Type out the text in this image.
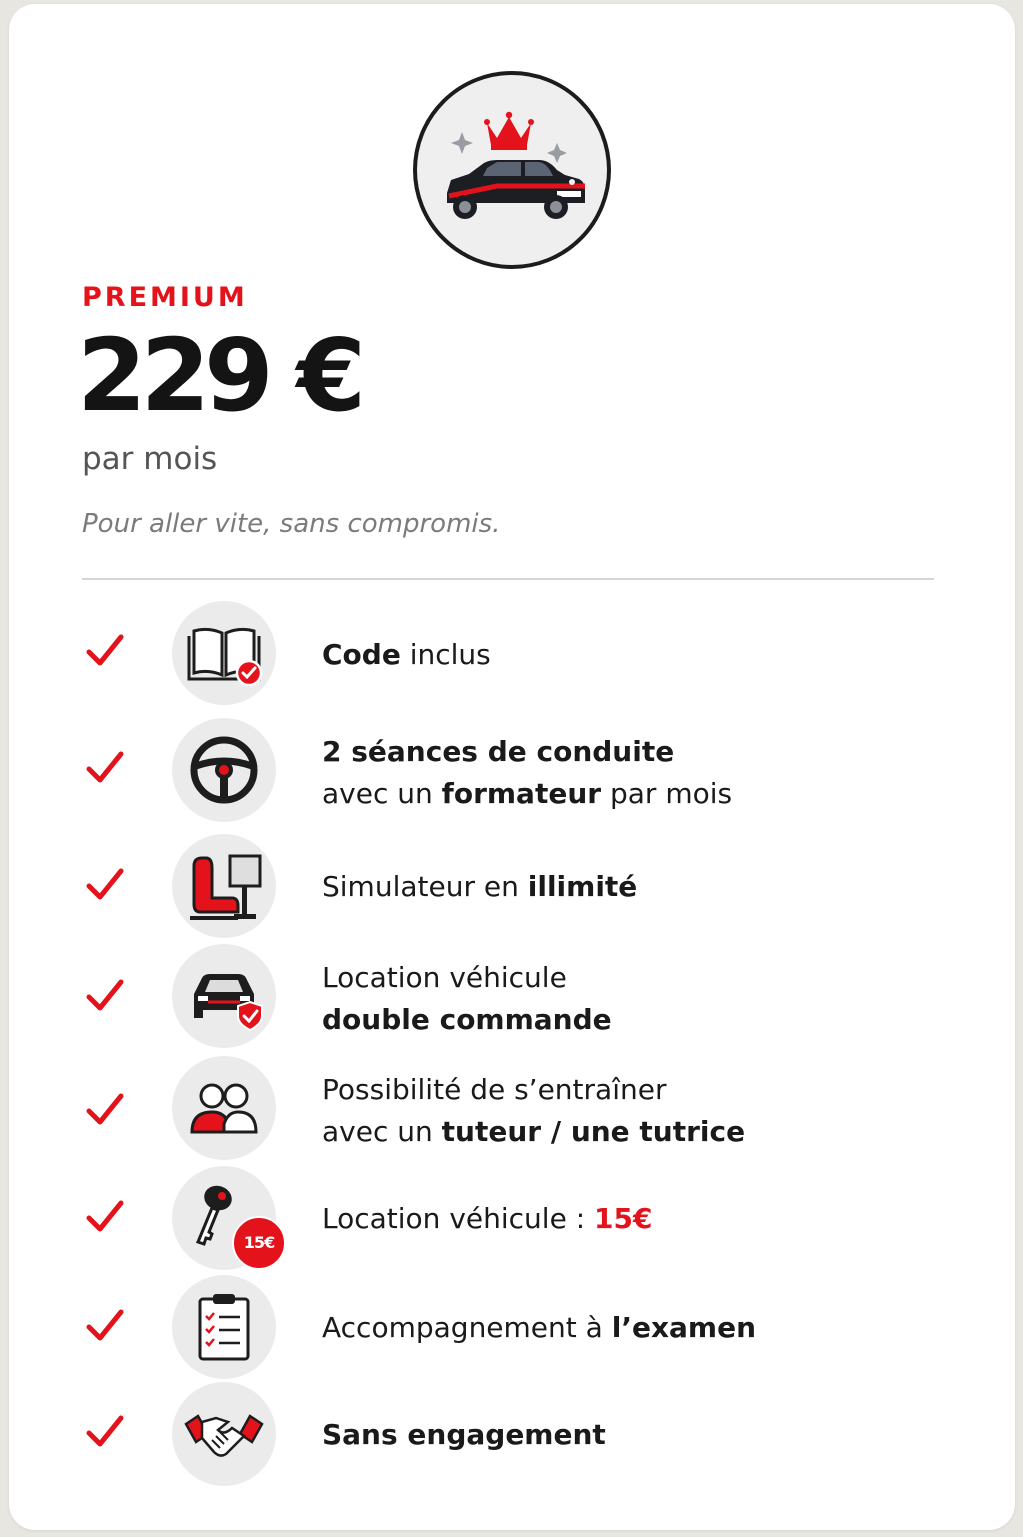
PREMIUM
229 €
par mois
Pour aller vite, sans compromis.
Code inclus
2 séances de conduite
avec un formateur par mois
Simulateur en illimité
Location véhicule
double commande
Possibilité de s’entraîner
avec un tuteur / une tutrice
15€
Location véhicule : 15€
Accompagnement à l’examen
Sans engagement
